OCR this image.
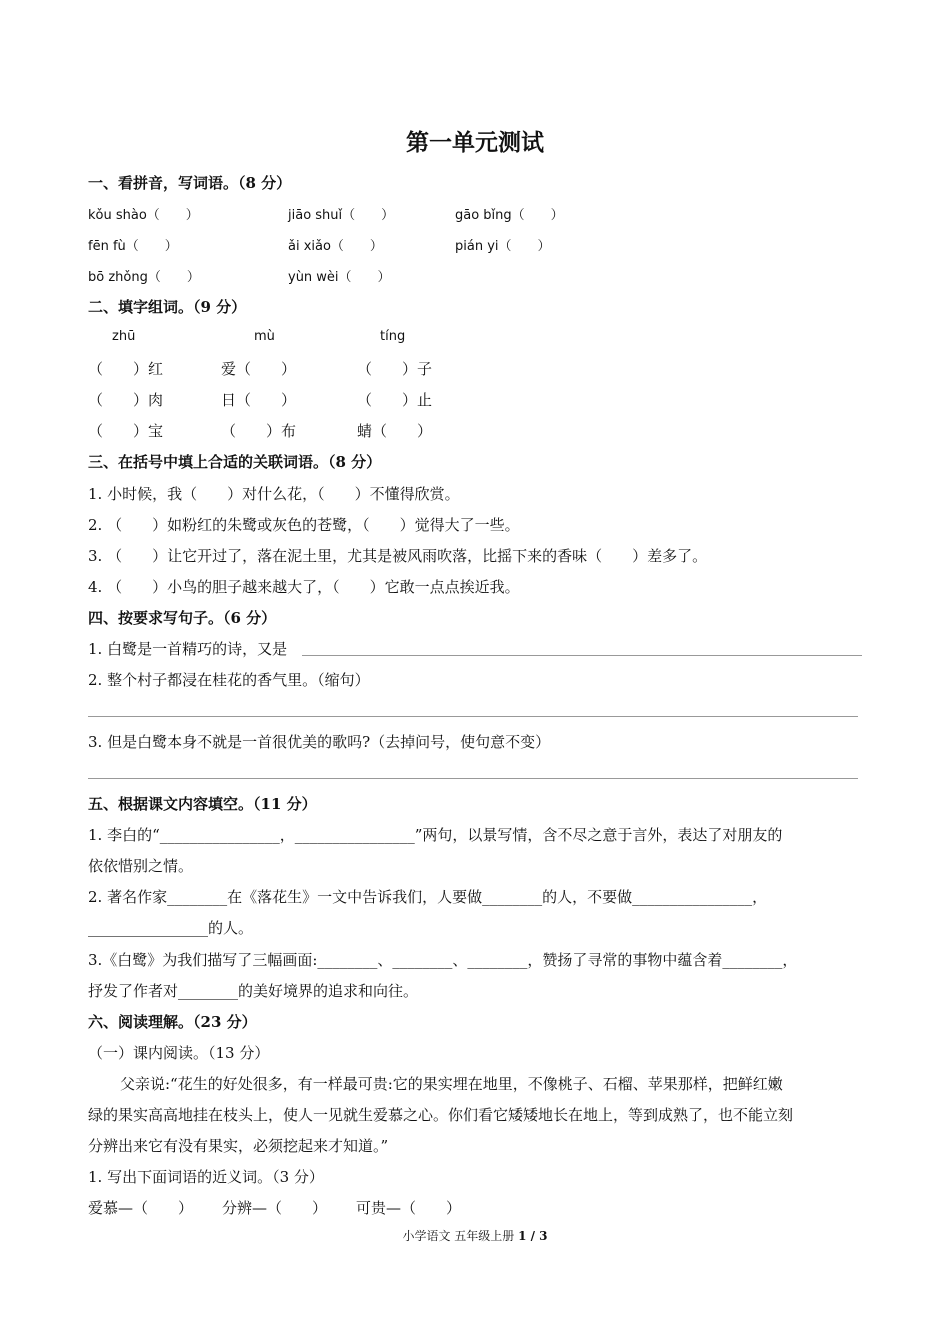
第一单元测试
一、看拼音，写词语。（8 分）
kǒu shào（　　）	jiāo shuǐ（　　）	gāo bǐng（　　）
fēn fù（　　）	ǎi xiǎo（　　）	pián yi（　　）
bō zhǒng（　　）	yùn wèi（　　）
二、填字组词。（9 分）
zhū	mù	tíng
（　　）红	爱（　　）	（　　）子
（　　）肉	日（　　）	（　　）止
（　　）宝	（　　）布	蜻（　　）
三、在括号中填上合适的关联词语。（8 分）
1. 小时候，我（　　）对什么花，（　　）不懂得欣赏。
2. （　　）如粉红的朱鹭或灰色的苍鹭，（　　）觉得大了一些。
3. （　　）让它开过了，落在泥土里，尤其是被风雨吹落，比摇下来的香味（　　）差多了。
4. （　　）小鸟的胆子越来越大了，（　　）它敢一点点挨近我。
四、按要求写句子。（6 分）
1. 白鹭是一首精巧的诗，又是
2. 整个村子都浸在桂花的香气里。（缩句）
3. 但是白鹭本身不就是一首很优美的歌吗?（去掉问号，使句意不变）
五、根据课文内容填空。（11 分）
1. 李白的“________________，________________”两句，以景写情，含不尽之意于言外，表达了对朋友的
依依惜别之情。
2. 著名作家________在《落花生》一文中告诉我们，人要做________的人，不要做________________，
________________的人。
3.《白鹭》为我们描写了三幅画面:________、________、________，赞扬了寻常的事物中蕴含着________，
抒发了作者对________的美好境界的追求和向往。
六、阅读理解。（23 分）
（一）课内阅读。（13 分）
父亲说:“花生的好处很多，有一样最可贵:它的果实埋在地里，不像桃子、石榴、苹果那样，把鲜红嫩
绿的果实高高地挂在枝头上，使人一见就生爱慕之心。你们看它矮矮地长在地上，等到成熟了，也不能立刻
分辨出来它有没有果实，必须挖起来才知道。”
1. 写出下面词语的近义词。（3 分）
爱慕—（　　） 分辨—（　　） 可贵—（　　）
小学语文 五年级上册 1 / 3
